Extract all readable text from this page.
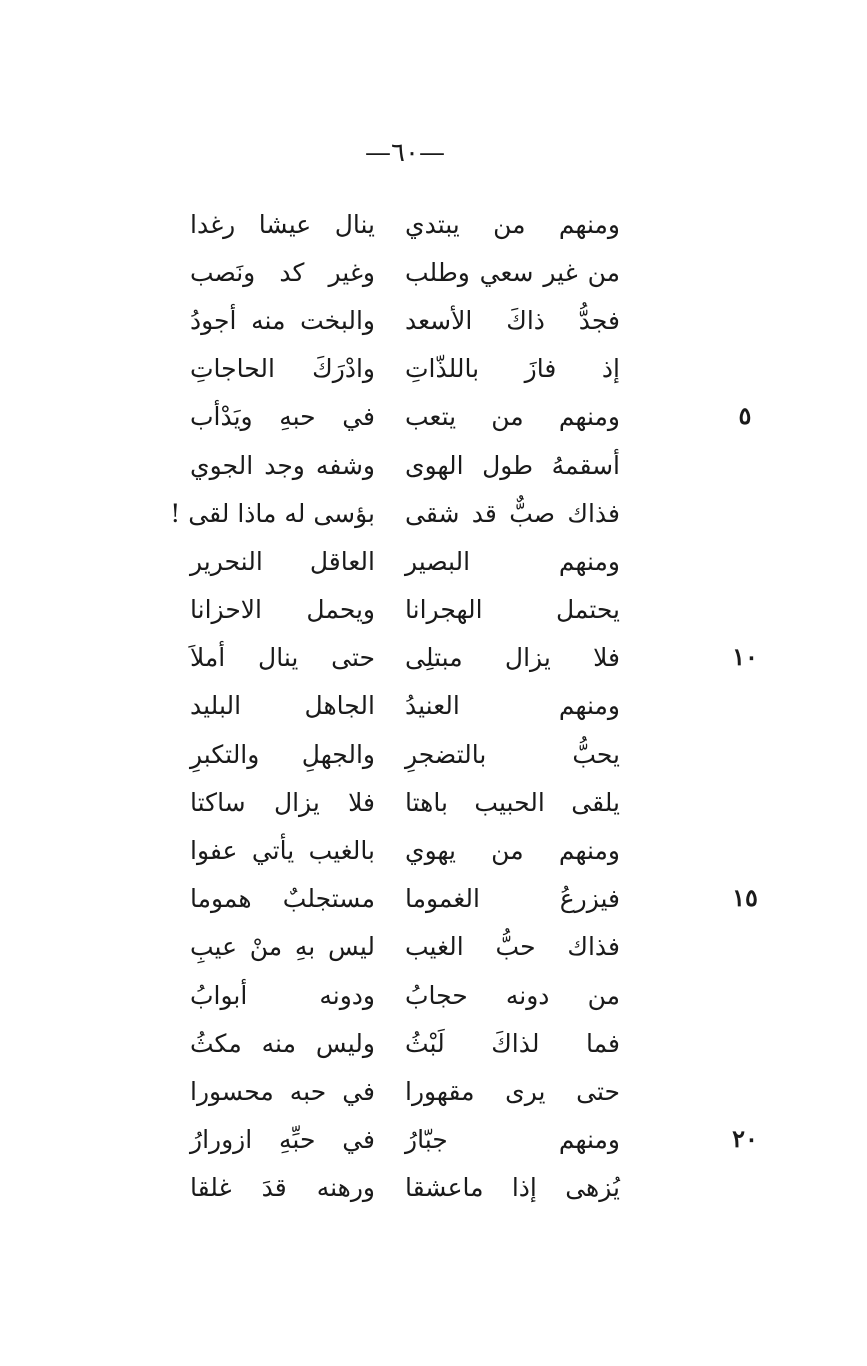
—٦٠—
ومنهم من يبتدي
ينال عيشا رغدا
من غير سعي وطلب
وغير كد ونَصب
فجدُّ ذاكَ الأسعد
والبخت منه أجودُ
إذ فازَ باللذّاتِ
وادْرَكَ الحاجاتِ
ومنهم من يتعب
في حبهِ ويَدْأب
أسقمهُ طول الهوى
وشفه وجد الجوي
فذاك صبٌّ قد شقى
بؤسى له ماذا لقى !
ومنهم البصير
العاقل النحرير
يحتمل الهجرانا
ويحمل الاحزانا
فلا يزال مبتلِى
حتى ينال أملاَ
ومنهم العنيدُ
الجاهل البليد
يحبُّ بالتضجرِ
والجهلِ والتكبرِ
يلقى الحبيب باهتا
فلا يزال ساكتا
ومنهم من يهوي
بالغيب يأتي عفوا
فيزرعُ الغموما
مستجلبٌ هموما
فذاك حبُّ الغيب
ليس بهِ منْ عيبِ
من دونه حجابُ
ودونه أبوابُ
فما لذاكَ لَبْثُ
وليس منه مكثُ
حتى يرى مقهورا
في حبه محسورا
ومنهم جبّارُ
في حبِّهِ ازورارُ
يُزهى إذا ماعشقا
ورهنه قدَ غلقا
٥
١٠
١٥
٢٠
